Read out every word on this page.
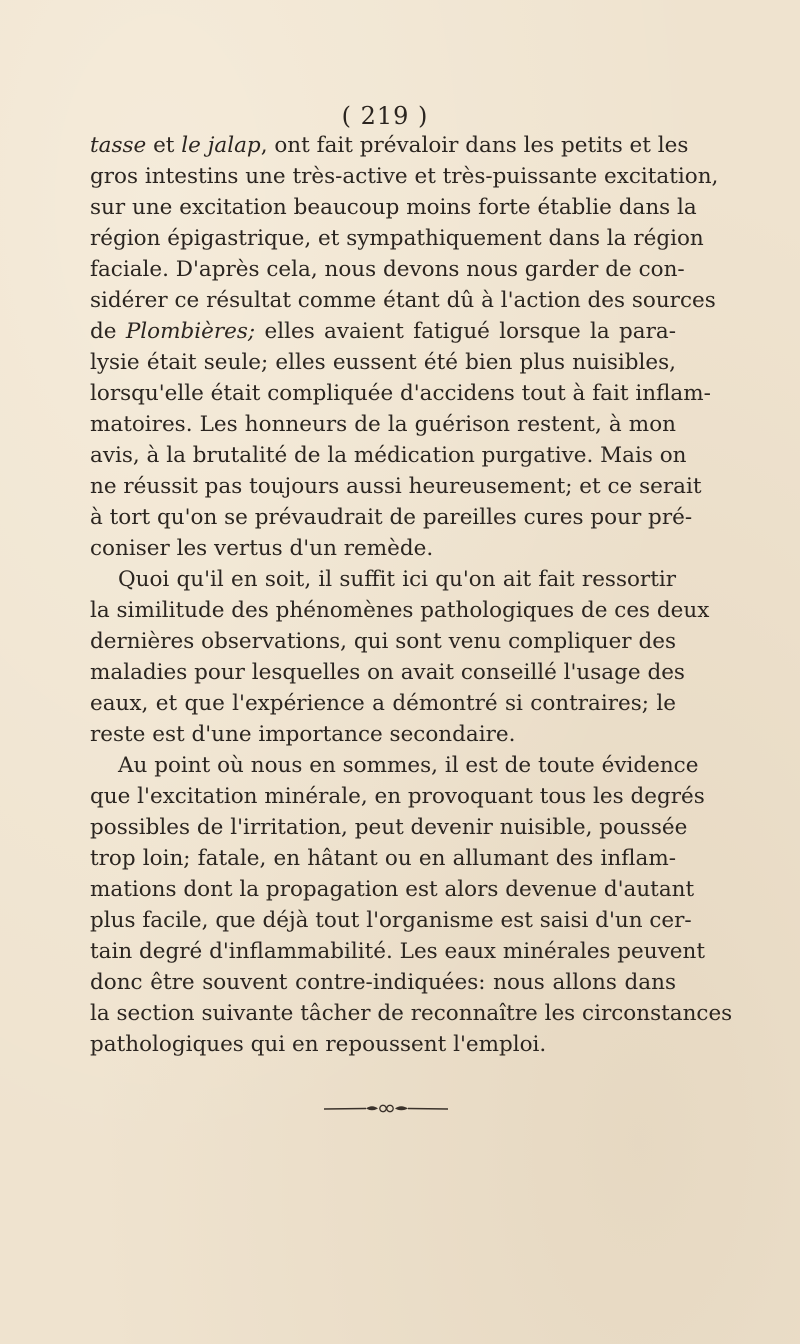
( 219 )
tasse et le jalap, ont fait prévaloir dans les petits et les
gros intestins une très-active et très-puissante excitation,
sur une excitation beaucoup moins forte établie dans la
région épigastrique, et sympathiquement dans la région
faciale. D'après cela, nous devons nous garder de con-
sidérer ce résultat comme étant dû à l'action des sources
de Plombières; elles avaient fatigué lorsque la para-
lysie était seule; elles eussent été bien plus nuisibles,
lorsqu'elle était compliquée d'accidens tout à fait inflam-
matoires. Les honneurs de la guérison restent, à mon
avis, à la brutalité de la médication purgative. Mais on
ne réussit pas toujours aussi heureusement; et ce serait
à tort qu'on se prévaudrait de pareilles cures pour pré-
coniser les vertus d'un remède.
Quoi qu'il en soit, il suffit ici qu'on ait fait ressortir
la similitude des phénomènes pathologiques de ces deux
dernières observations, qui sont venu compliquer des
maladies pour lesquelles on avait conseillé l'usage des
eaux, et que l'expérience a démontré si contraires; le
reste est d'une importance secondaire.
Au point où nous en sommes, il est de toute évidence
que l'excitation minérale, en provoquant tous les degrés
possibles de l'irritation, peut devenir nuisible, poussée
trop loin; fatale, en hâtant ou en allumant des inflam-
mations dont la propagation est alors devenue d'autant
plus facile, que déjà tout l'organisme est saisi d'un cer-
tain degré d'inflammabilité. Les eaux minérales peuvent
donc être souvent contre-indiquées: nous allons dans
la section suivante tâcher de reconnaître les circonstances
pathologiques qui en repoussent l'emploi.
